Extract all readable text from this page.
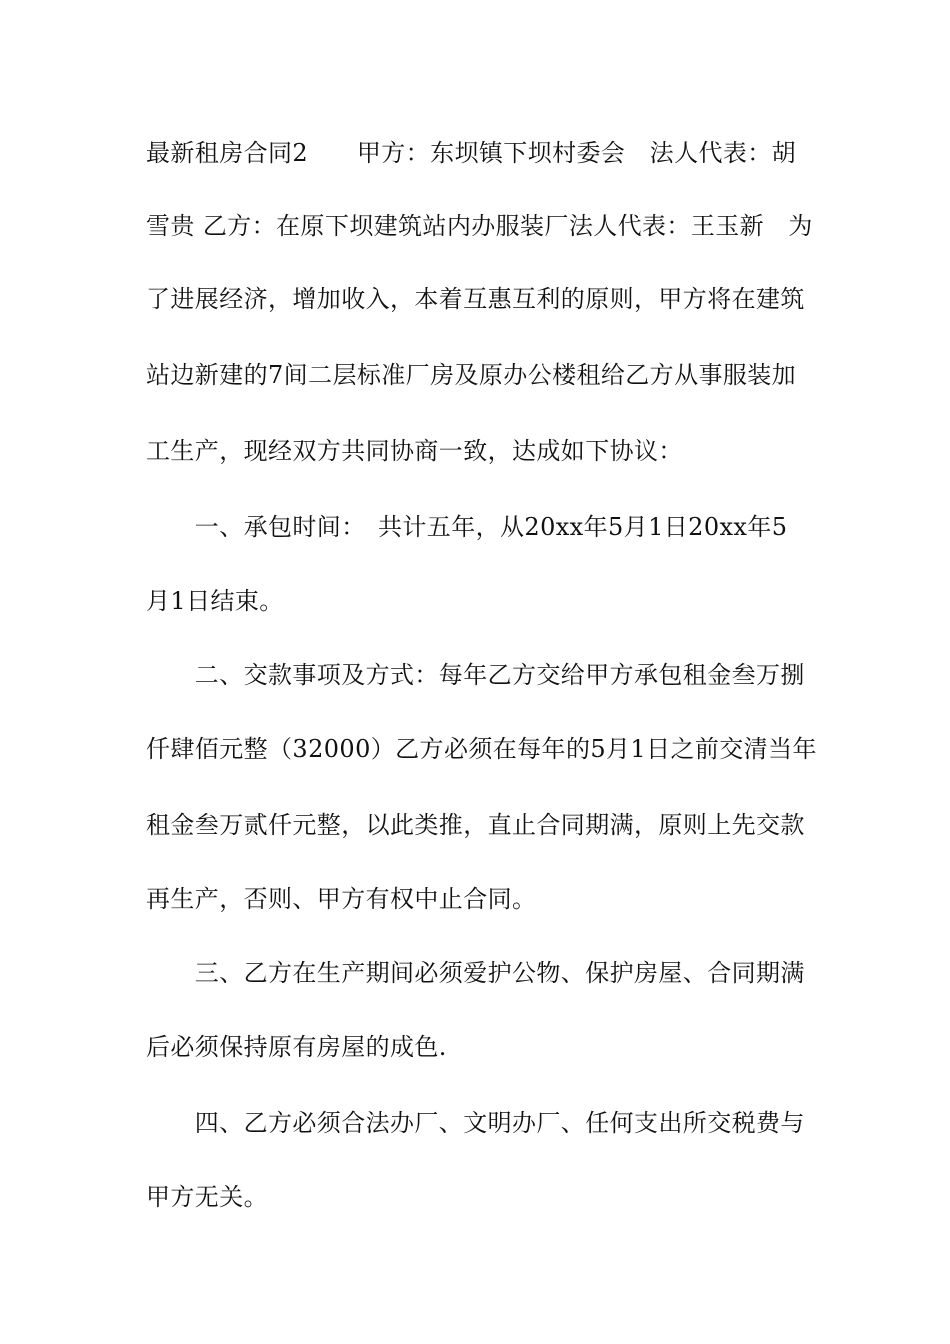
最新租房合同2　　甲方：东坝镇下坝村委会　法人代表：胡
雪贵 乙方：在原下坝建筑站内办服装厂法人代表：王玉新　为
了进展经济，增加收入，本着互惠互利的原则，甲方将在建筑
站边新建的7间二层标准厂房及原办公楼租给乙方从事服装加
工生产，现经双方共同协商一致，达成如下协议：
　　一、承包时间：　共计五年，从20xx年5月1日20xx年5
月1日结束。
　　二、交款事项及方式：每年乙方交给甲方承包租金叁万捌
仟肆佰元整（32000）乙方必须在每年的5月1日之前交清当年
租金叁万贰仟元整，以此类推，直止合同期满，原则上先交款
再生产，否则、甲方有权中止合同。
　　三、乙方在生产期间必须爱护公物、保护房屋、合同期满
后必须保持原有房屋的成色.
　　四、乙方必须合法办厂、文明办厂、任何支出所交税费与
甲方无关。
